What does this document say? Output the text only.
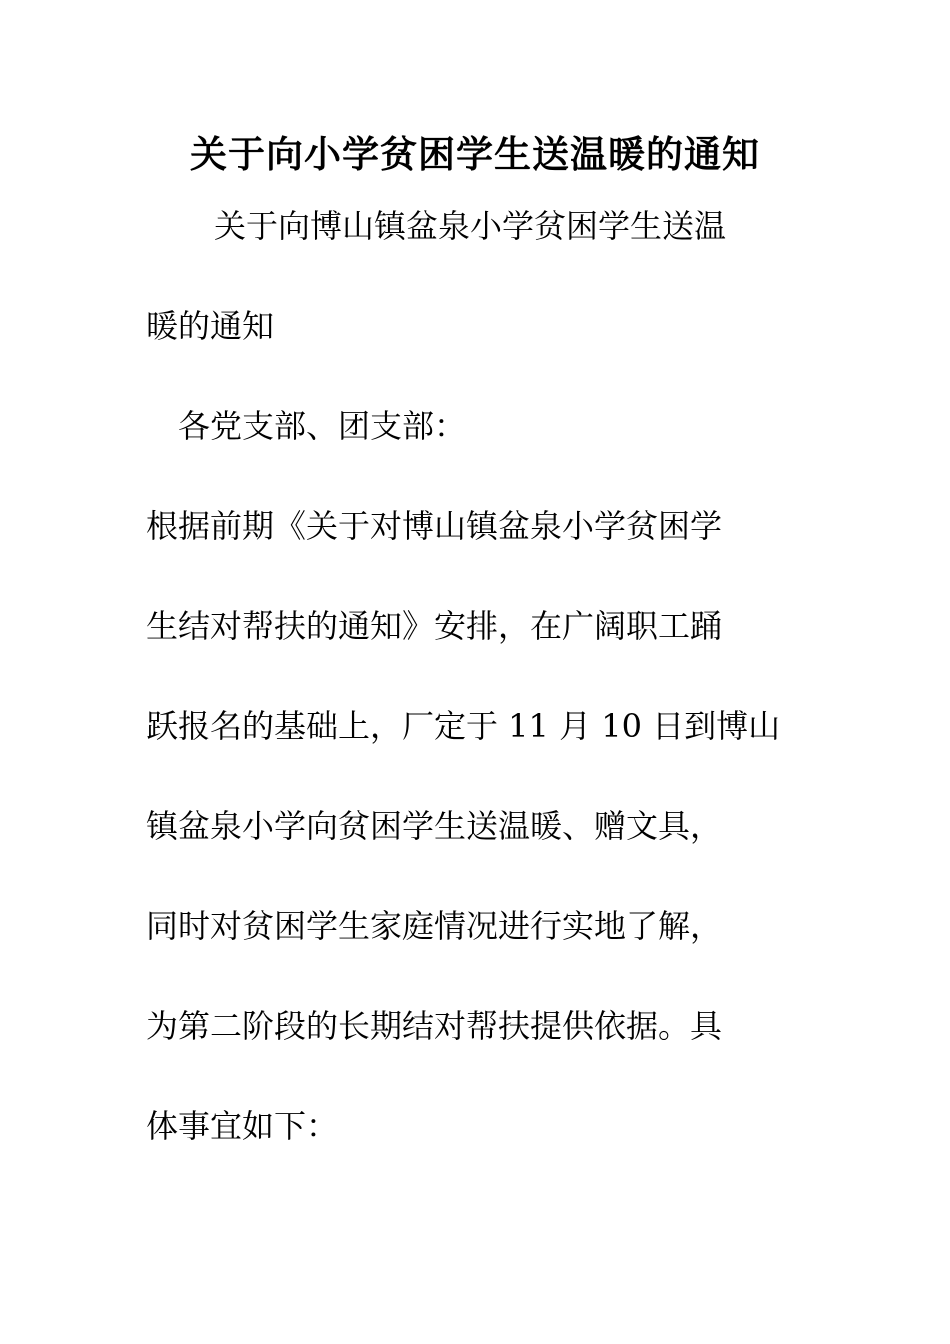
关于向小学贫困学生送温暖的通知
关于向博山镇盆泉小学贫困学生送温
暖的通知
各党支部、团支部：
根据前期《关于对博山镇盆泉小学贫困学
生结对帮扶的通知》安排，在广阔职工踊
跃报名的基础上，厂定于 11 月 10 日到博山
镇盆泉小学向贫困学生送温暖、赠文具，
同时对贫困学生家庭情况进行实地了解，
为第二阶段的长期结对帮扶提供依据。具
体事宜如下：
